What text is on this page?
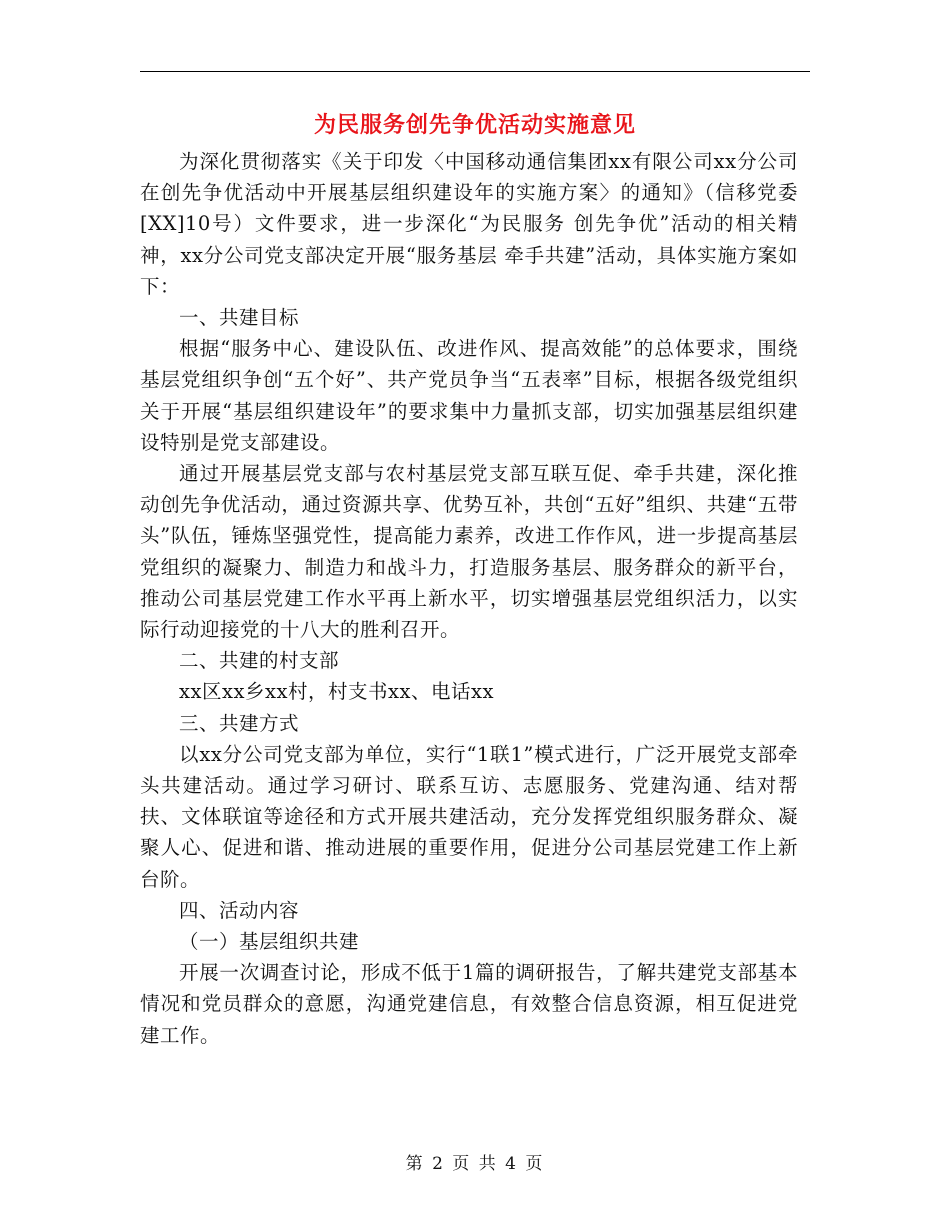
为民服务创先争优活动实施意见

为深化贯彻落实《关于印发〈中国移动通信集团xx有限公司xx分公司在创先争优活动中开展基层组织建设年的实施方案〉的通知》（信移党委[XX]10号）文件要求，进一步深化“为民服务 创先争优”活动的相关精神，xx分公司党支部决定开展“服务基层 牵手共建”活动，具体实施方案如下：

一、共建目标

根据“服务中心、建设队伍、改进作风、提高效能”的总体要求，围绕基层党组织争创“五个好”、共产党员争当“五表率”目标，根据各级党组织关于开展“基层组织建设年”的要求集中力量抓支部，切实加强基层组织建设特别是党支部建设。

通过开展基层党支部与农村基层党支部互联互促、牵手共建，深化推动创先争优活动，通过资源共享、优势互补，共创“五好”组织、共建“五带头”队伍，锤炼坚强党性，提高能力素养，改进工作作风，进一步提高基层党组织的凝聚力、制造力和战斗力，打造服务基层、服务群众的新平台，推动公司基层党建工作水平再上新水平，切实增强基层党组织活力，以实际行动迎接党的十八大的胜利召开。

二、共建的村支部

xx区xx乡xx村，村支书xx、电话xx

三、共建方式

以xx分公司党支部为单位，实行“1联1”模式进行，广泛开展党支部牵头共建活动。通过学习研讨、联系互访、志愿服务、党建沟通、结对帮扶、文体联谊等途径和方式开展共建活动，充分发挥党组织服务群众、凝聚人心、促进和谐、推动进展的重要作用，促进分公司基层党建工作上新台阶。

四、活动内容

（一）基层组织共建

开展一次调查讨论，形成不低于1篇的调研报告，了解共建党支部基本情况和党员群众的意愿，沟通党建信息，有效整合信息资源，相互促进党建工作。

第 2 页 共 4 页
